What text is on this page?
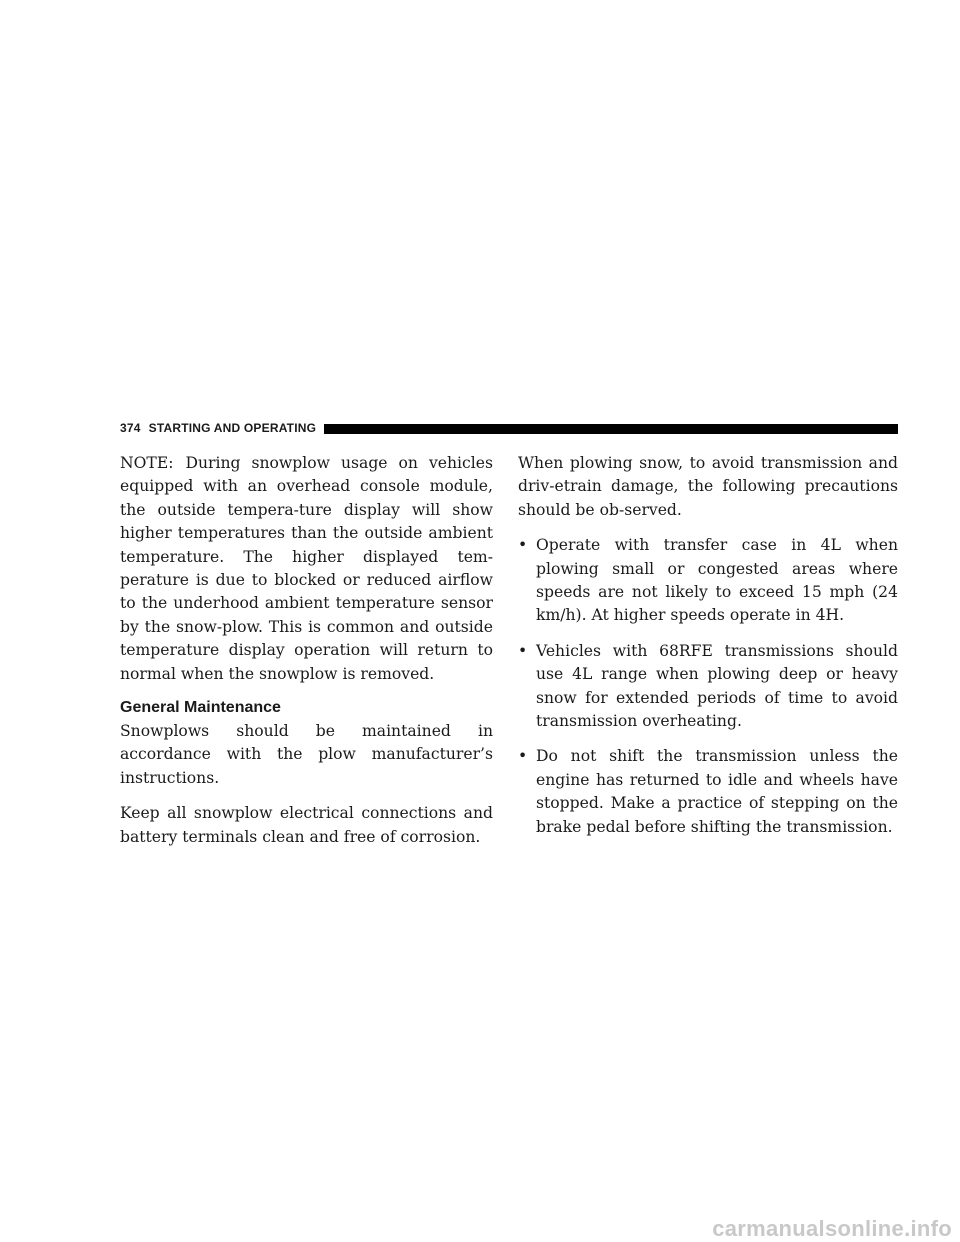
374 STARTING AND OPERATING

NOTE: During snowplow usage on vehicles equipped with an overhead console module, the outside tempera-ture display will show higher temperatures than the outside ambient temperature. The higher displayed tem-perature is due to blocked or reduced airflow to the underhood ambient temperature sensor by the snow-plow. This is common and outside temperature display operation will return to normal when the snowplow is removed.

General Maintenance

Snowplows should be maintained in accordance with the plow manufacturer’s instructions.

Keep all snowplow electrical connections and battery terminals clean and free of corrosion.

When plowing snow, to avoid transmission and driv-etrain damage, the following precautions should be ob-served.

• Operate with transfer case in 4L when plowing small or congested areas where speeds are not likely to exceed 15 mph (24 km/h). At higher speeds operate in 4H.
• Vehicles with 68RFE transmissions should use 4L range when plowing deep or heavy snow for extended periods of time to avoid transmission overheating.
• Do not shift the transmission unless the engine has returned to idle and wheels have stopped. Make a practice of stepping on the brake pedal before shifting the transmission.
carmanualsonline.info
